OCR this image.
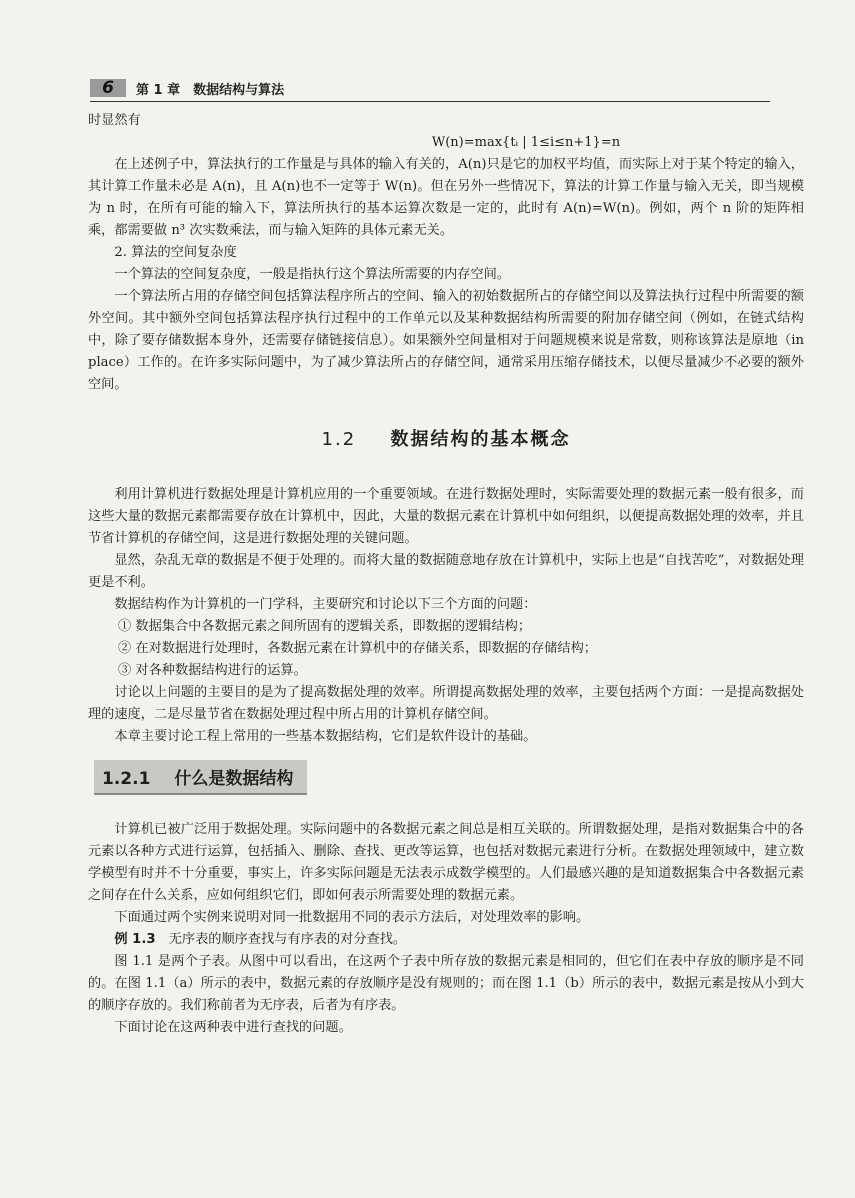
6	第 1 章　数据结构与算法

时显然有

W(n)=max{tᵢ | 1≤i≤n+1}=n

在上述例子中，算法执行的工作量是与具体的输入有关的，A(n)只是它的加权平均值，而实际上对于某个特定的输入，其计算工作量未必是 A(n)，且 A(n)也不一定等于 W(n)。但在另外一些情况下，算法的计算工作量与输入无关，即当规模为 n 时，在所有可能的输入下，算法所执行的基本运算次数是一定的，此时有 A(n)=W(n)。例如，两个 n 阶的矩阵相乘，都需要做 n³ 次实数乘法，而与输入矩阵的具体元素无关。

2. 算法的空间复杂度

一个算法的空间复杂度，一般是指执行这个算法所需要的内存空间。

一个算法所占用的存储空间包括算法程序所占的空间、输入的初始数据所占的存储空间以及算法执行过程中所需要的额外空间。其中额外空间包括算法程序执行过程中的工作单元以及某种数据结构所需要的附加存储空间（例如，在链式结构中，除了要存储数据本身外，还需要存储链接信息）。如果额外空间量相对于问题规模来说是常数，则称该算法是原地（in place）工作的。在许多实际问题中，为了减少算法所占的存储空间，通常采用压缩存储技术，以便尽量减少不必要的额外空间。

1.2 数据结构的基本概念

利用计算机进行数据处理是计算机应用的一个重要领域。在进行数据处理时，实际需要处理的数据元素一般有很多，而这些大量的数据元素都需要存放在计算机中，因此，大量的数据元素在计算机中如何组织，以便提高数据处理的效率，并且节省计算机的存储空间，这是进行数据处理的关键问题。

显然，杂乱无章的数据是不便于处理的。而将大量的数据随意地存放在计算机中，实际上也是“自找苦吃”，对数据处理更是不利。

数据结构作为计算机的一门学科，主要研究和讨论以下三个方面的问题：

① 数据集合中各数据元素之间所固有的逻辑关系，即数据的逻辑结构；

② 在对数据进行处理时，各数据元素在计算机中的存储关系，即数据的存储结构；

③ 对各种数据结构进行的运算。

讨论以上问题的主要目的是为了提高数据处理的效率。所谓提高数据处理的效率，主要包括两个方面：一是提高数据处理的速度，二是尽量节省在数据处理过程中所占用的计算机存储空间。

本章主要讨论工程上常用的一些基本数据结构，它们是软件设计的基础。

1.2.1 什么是数据结构

计算机已被广泛用于数据处理。实际问题中的各数据元素之间总是相互关联的。所谓数据处理，是指对数据集合中的各元素以各种方式进行运算，包括插入、删除、查找、更改等运算，也包括对数据元素进行分析。在数据处理领域中，建立数学模型有时并不十分重要，事实上，许多实际问题是无法表示成数学模型的。人们最感兴趣的是知道数据集合中各数据元素之间存在什么关系，应如何组织它们，即如何表示所需要处理的数据元素。

下面通过两个实例来说明对同一批数据用不同的表示方法后，对处理效率的影响。

例 1.3　 无序表的顺序查找与有序表的对分查找。

图 1.1 是两个子表。从图中可以看出，在这两个子表中所存放的数据元素是相同的，但它们在表中存放的顺序是不同的。在图 1.1（a）所示的表中，数据元素的存放顺序是没有规则的；而在图 1.1（b）所示的表中，数据元素是按从小到大的顺序存放的。我们称前者为无序表，后者为有序表。

下面讨论在这两种表中进行查找的问题。
